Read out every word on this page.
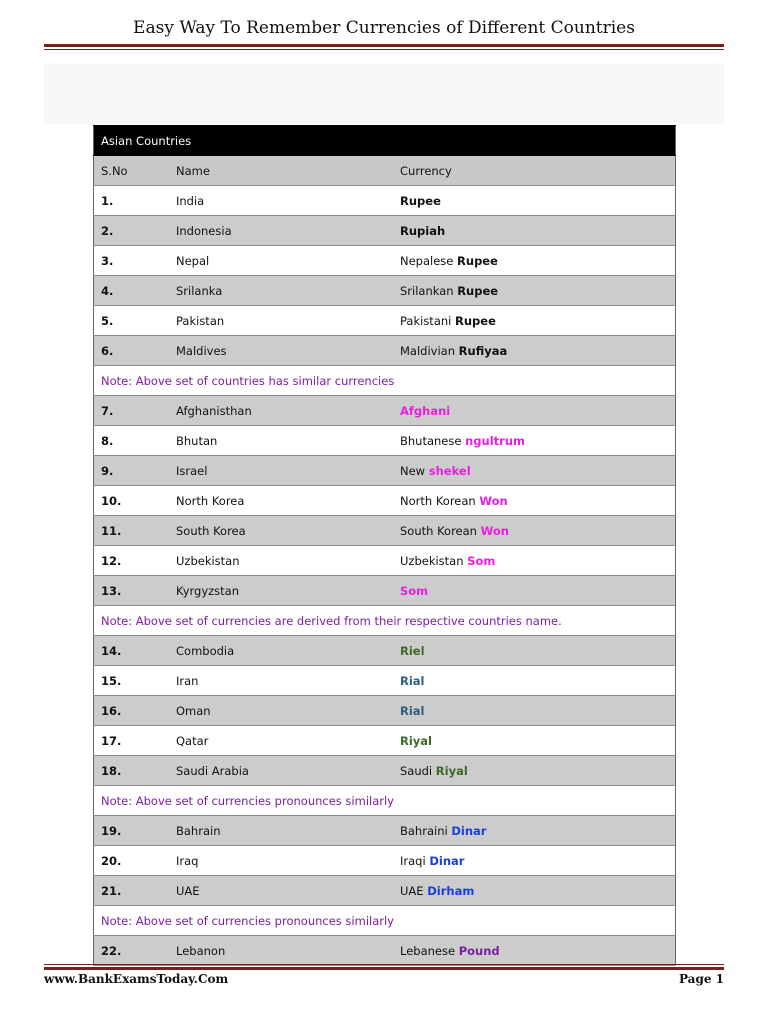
Easy Way To Remember Currencies of Different Countries
Asian Countries		
S.No	Name	Currency
1.	India	Rupee
2.	Indonesia	Rupiah
3.	Nepal	Nepalese Rupee
4.	Srilanka	Srilankan Rupee
5.	Pakistan	Pakistani Rupee
6.	Maldives	Maldivian Rufiyaa
Note: Above set of countries has similar currencies		
7.	Afghanisthan	Afghani
8.	Bhutan	Bhutanese ngultrum
9.	Israel	New shekel
10.	North Korea	North Korean Won
11.	South Korea	South Korean Won
12.	Uzbekistan	Uzbekistan Som
13.	Kyrgyzstan	Som
Note: Above set of currencies are derived from their respective countries name.		
14.	Combodia	Riel
15.	Iran	Rial
16.	Oman	Rial
17.	Qatar	Riyal
18.	Saudi Arabia	Saudi Riyal
Note: Above set of currencies pronounces similarly		
19.	Bahrain	Bahraini Dinar
20.	Iraq	Iraqi Dinar
21.	UAE	UAE Dirham
Note: Above set of currencies pronounces similarly		
22.	Lebanon	Lebanese Pound
www.BankExamsToday.Com	Page 1
